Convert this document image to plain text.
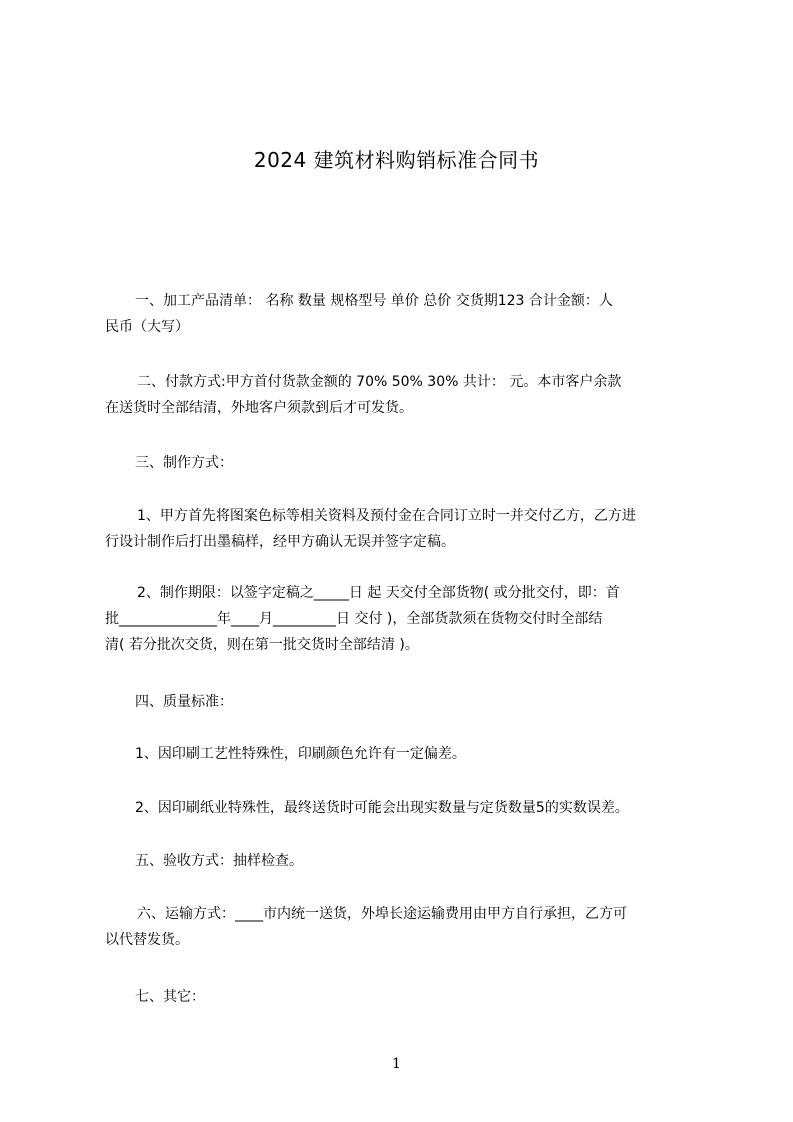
2024 建筑材料购销标准合同书
一、加工产品清单： 名称 数量 规格型号 单价 总价 交货期123 合计金额：人
民币（大写）
二、付款方式:甲方首付货款金额的 70% 50% 30% 共计： 元。本市客户余款
在送货时全部结清，外地客户须款到后才可发货。
三、制作方式：
1、甲方首先将图案色标等相关资料及预付金在合同订立时一并交付乙方，乙方进
行设计制作后打出墨稿样，经甲方确认无误并签字定稿。
2、制作期限：以签字定稿之_____日 起 天交付全部货物( 或分批交付，即：首
批______________年____月_________日 交付 )，全部货款须在货物交付时全部结
清( 若分批次交货，则在第一批交货时全部结清 )。
四、质量标准：
1、因印刷工艺性特殊性，印刷颜色允许有一定偏差。
2、因印刷纸业特殊性，最终送货时可能会出现实数量与定货数量5的实数误差。
五、验收方式：抽样检查。
六、运输方式：____市内统一送货，外埠长途运输费用由甲方自行承担，乙方可
以代替发货。
七、其它：
1
